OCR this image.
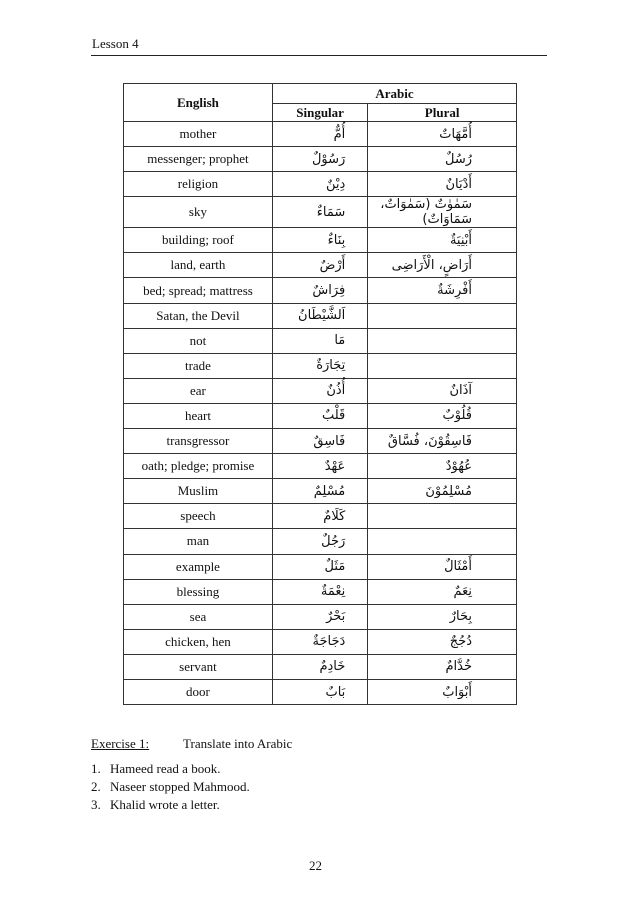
Lesson 4
English	Arabic	
	Singular	Plural
mother	أُمٌّ	أُمَّهَاتٌ
messenger; prophet	رَسُوْلٌ	رُسُلٌ
religion	دِيْنٌ	أَدْيَانٌ
sky	سَمَاءٌ	سَمٰوٰتٌ (سَمٰوَاتٌ، سَمَاوَاتٌ)
building; roof	بِنَاءٌ	أَبْنِيَةٌ
land, earth	أَرْضٌ	أَرَاضٍ، الْأَرَاضِى
bed; spread; mattress	فِرَاشٌ	أَفْرِشَةٌ
Satan, the Devil	اَلشَّيْطَانُ	
not	مَا	
trade	تِجَارَةٌ	
ear	أُذُنٌ	آذَانٌ
heart	قَلْبٌ	قُلُوْبٌ
transgressor	فَاسِقٌ	فَاسِقُوْنَ، فُسَّاقٌ
oath; pledge; promise	عَهْدٌ	عُهُوْدٌ
Muslim	مُسْلِمٌ	مُسْلِمُوْنَ
speech	كَلَامٌ	
man	رَجُلٌ	
example	مَثَلٌ	أَمْثَالٌ
blessing	نِعْمَةٌ	نِعَمٌ
sea	بَحْرٌ	بِحَارٌ
chicken, hen	دَجَاجَةٌ	دُجُجٌ
servant	خَادِمٌ	خُدَّامٌ
door	بَابٌ	أَبْوَابٌ
Exercise 1:	Translate into Arabic
1. Hameed read a book.
2. Naseer stopped Mahmood.
3. Khalid wrote a letter.
22
